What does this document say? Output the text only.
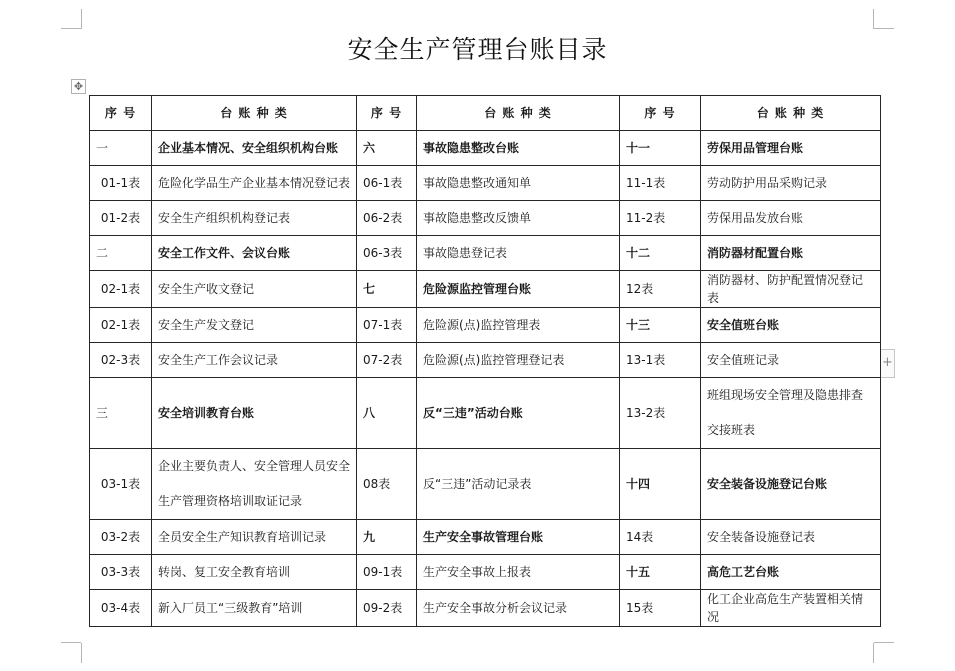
安全生产管理台账目录
✥
+
序 号	台 账 种 类	序 号	台 账 种 类	序 号	台 账 种 类
一	企业基本情况、安全组织机构台账	六	事故隐患整改台账	十一	劳保用品管理台账
01-1表	危险化学品生产企业基本情况登记表	06-1表	事故隐患整改通知单	11-1表	劳动防护用品采购记录
01-2表	安全生产组织机构登记表	06-2表	事故隐患整改反馈单	11-2表	劳保用品发放台账
二	安全工作文件、会议台账	06-3表	事故隐患登记表	十二	消防器材配置台账
02-1表	安全生产收文登记	七	危险源监控管理台账	12表	消防器材、防护配置情况登记表
02-1表	安全生产发文登记	07-1表	危险源(点)监控管理表	十三	安全值班台账
02-3表	安全生产工作会议记录	07-2表	危险源(点)监控管理登记表	13-1表	安全值班记录
三	安全培训教育台账	八	反“三违”活动台账	13-2表	班组现场安全管理及隐患排查交接班表
03-1表	企业主要负责人、安全管理人员安全生产管理资格培训取证记录	08表	反“三违”活动记录表	十四	安全装备设施登记台账
03-2表	全员安全生产知识教育培训记录	九	生产安全事故管理台账	14表	安全装备设施登记表
03-3表	转岗、复工安全教育培训	09-1表	生产安全事故上报表	十五	高危工艺台账
03-4表	新入厂员工“三级教育”培训	09-2表	生产安全事故分析会议记录	15表	化工企业高危生产装置相关情况
